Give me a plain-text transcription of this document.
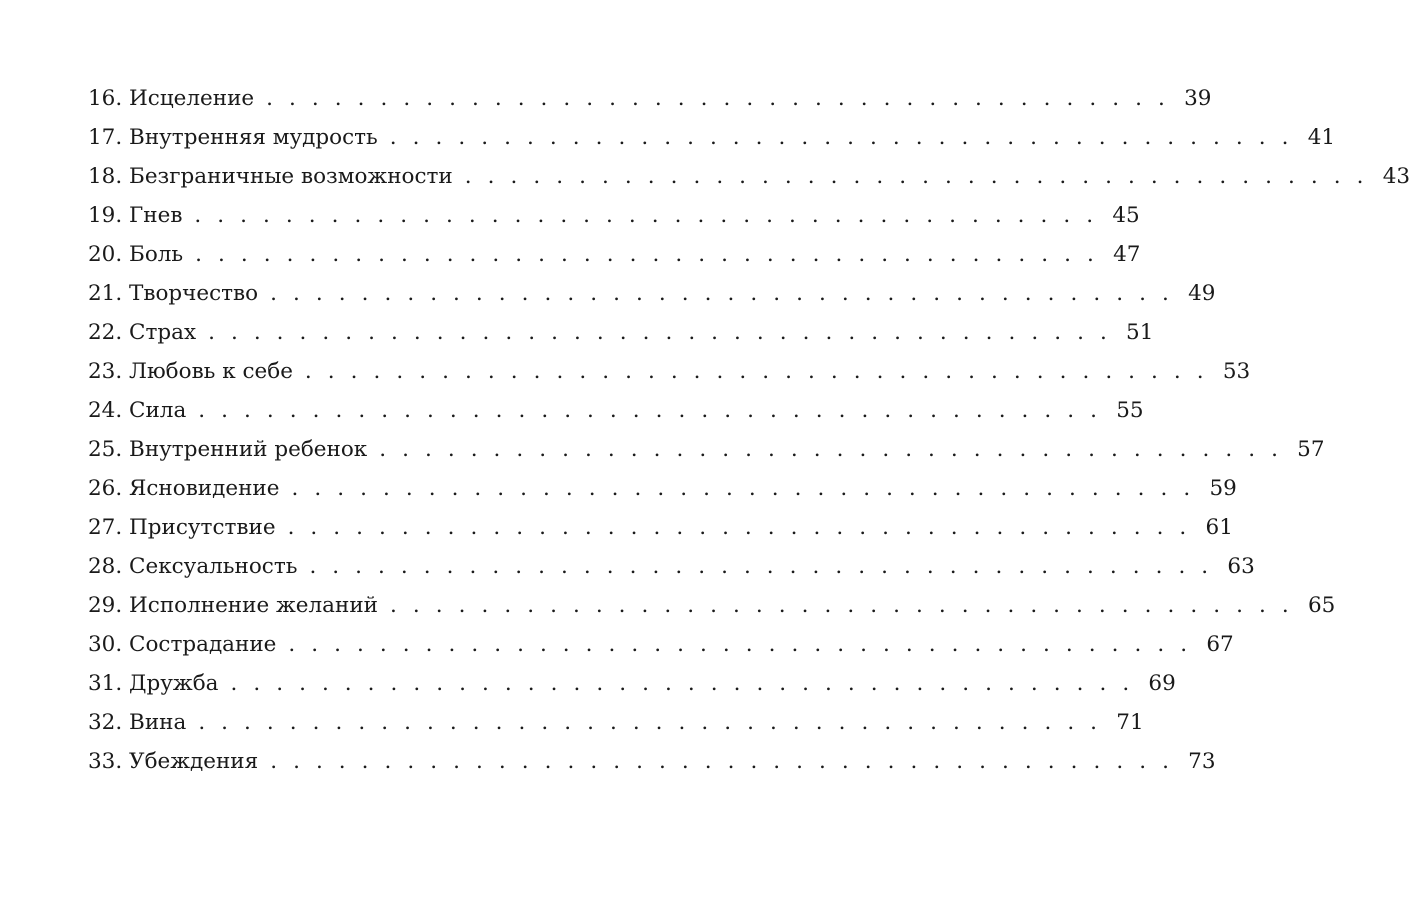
16. Исцеление . . . . . . . . . . . . . . . . . . . . . . . . . . . . . . . . . . . . . . . . 39
17. Внутренняя мудрость . . . . . . . . . . . . . . . . . . . . . . . . . . . . . . . . . . . . . . . . 41
18. Безграничные возможности . . . . . . . . . . . . . . . . . . . . . . . . . . . . . . . . . . . . . . . . 43
19. Гнев . . . . . . . . . . . . . . . . . . . . . . . . . . . . . . . . . . . . . . . . 45
20. Боль . . . . . . . . . . . . . . . . . . . . . . . . . . . . . . . . . . . . . . . . 47
21. Творчество . . . . . . . . . . . . . . . . . . . . . . . . . . . . . . . . . . . . . . . . 49
22. Страх . . . . . . . . . . . . . . . . . . . . . . . . . . . . . . . . . . . . . . . . 51
23. Любовь к себе . . . . . . . . . . . . . . . . . . . . . . . . . . . . . . . . . . . . . . . . 53
24. Сила . . . . . . . . . . . . . . . . . . . . . . . . . . . . . . . . . . . . . . . . 55
25. Внутренний ребенок . . . . . . . . . . . . . . . . . . . . . . . . . . . . . . . . . . . . . . . . 57
26. Ясновидение . . . . . . . . . . . . . . . . . . . . . . . . . . . . . . . . . . . . . . . . 59
27. Присутствие . . . . . . . . . . . . . . . . . . . . . . . . . . . . . . . . . . . . . . . . 61
28. Сексуальность . . . . . . . . . . . . . . . . . . . . . . . . . . . . . . . . . . . . . . . . 63
29. Исполнение желаний . . . . . . . . . . . . . . . . . . . . . . . . . . . . . . . . . . . . . . . . 65
30. Сострадание . . . . . . . . . . . . . . . . . . . . . . . . . . . . . . . . . . . . . . . . 67
31. Дружба . . . . . . . . . . . . . . . . . . . . . . . . . . . . . . . . . . . . . . . . 69
32. Вина . . . . . . . . . . . . . . . . . . . . . . . . . . . . . . . . . . . . . . . . 71
33. Убеждения . . . . . . . . . . . . . . . . . . . . . . . . . . . . . . . . . . . . . . . . 73
